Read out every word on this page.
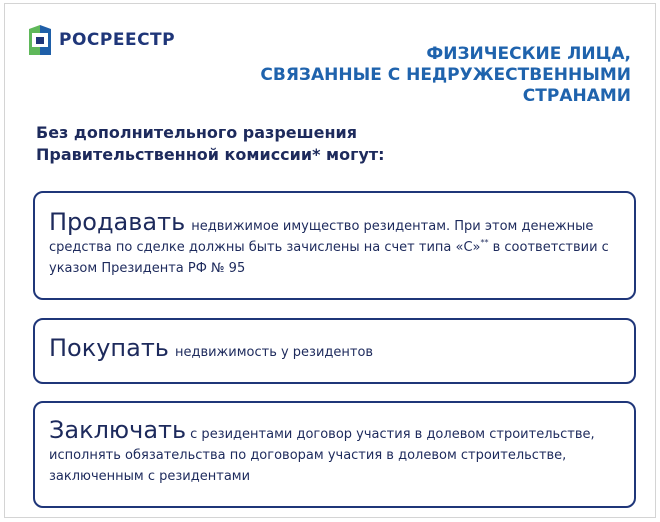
РОСРЕЕСТР
ФИЗИЧЕСКИЕ ЛИЦА,
СВЯЗАННЫЕ С НЕДРУЖЕСТВЕННЫМИ
СТРАНАМИ

Без дополнительного разрешения
Правительственной комиссии* могут:

Продавать недвижимое имущество резидентам. При этом денежные средства по сделке должны быть зачислены на счет типа «С»** в соответствии с указом Президента РФ № 95

Покупать недвижимость у резидентов

Заключать с резидентами договор участия в долевом строительстве, исполнять обязательства по договорам участия в долевом строительстве, заключенным с резидентами
